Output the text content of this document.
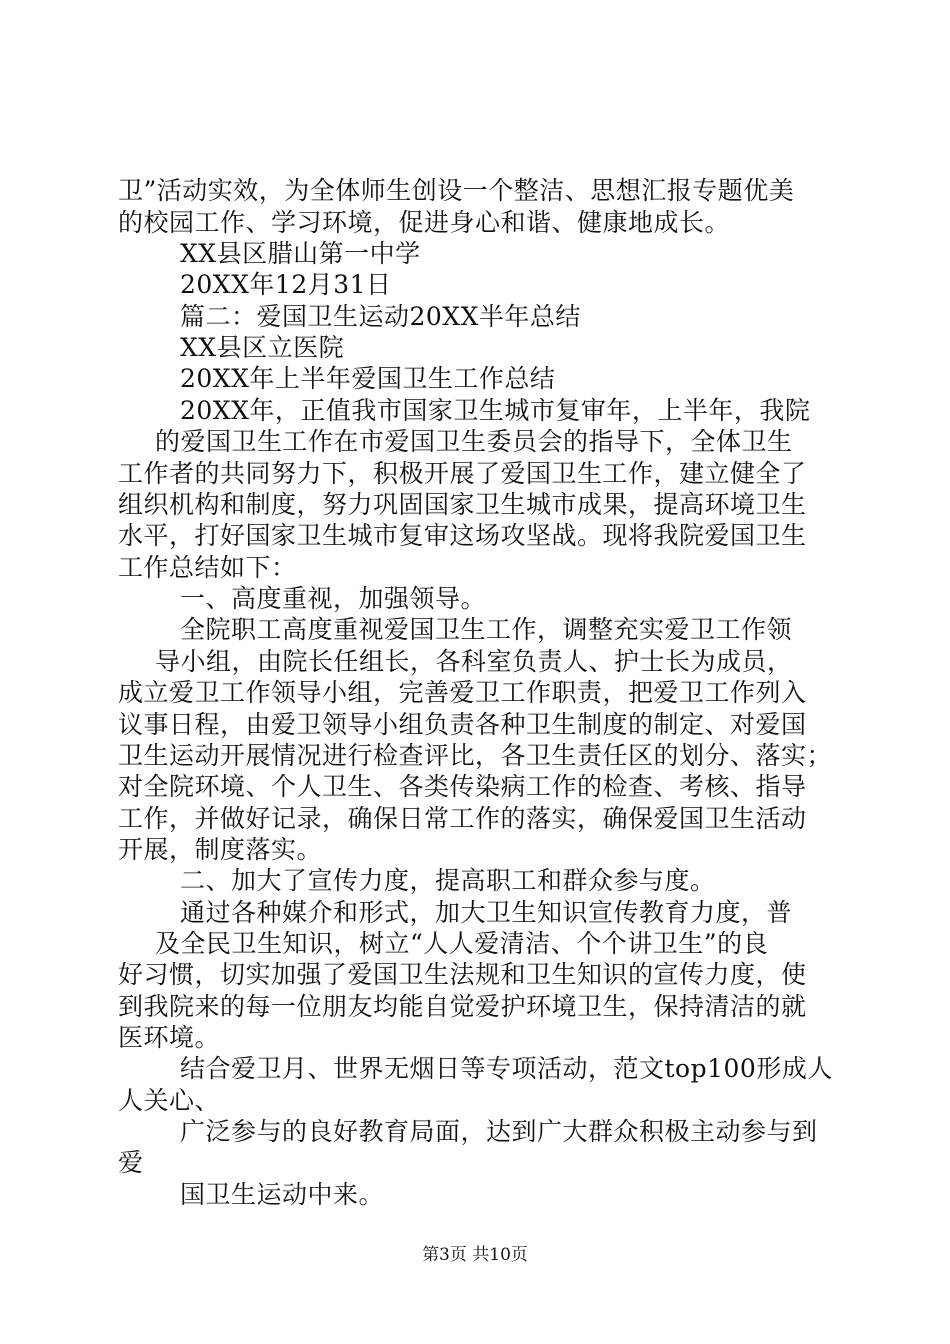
卫”活动实效，为全体师生创设一个整洁、思想汇报专题优美
的校园工作、学习环境，促进身心和谐、健康地成长。
XX县区腊山第一中学
20XX年12月31日
篇二：爱国卫生运动20XX半年总结
XX县区立医院
20XX年上半年爱国卫生工作总结
20XX年，正值我市国家卫生城市复审年，上半年，我院
的爱国卫生工作在市爱国卫生委员会的指导下，全体卫生
工作者的共同努力下，积极开展了爱国卫生工作，建立健全了
组织机构和制度，努力巩固国家卫生城市成果，提高环境卫生
水平，打好国家卫生城市复审这场攻坚战。现将我院爱国卫生
工作总结如下：
一、高度重视，加强领导。
全院职工高度重视爱国卫生工作，调整充实爱卫工作领
导小组，由院长任组长，各科室负责人、护士长为成员，
成立爱卫工作领导小组，完善爱卫工作职责，把爱卫工作列入
议事日程，由爱卫领导小组负责各种卫生制度的制定、对爱国
卫生运动开展情况进行检查评比，各卫生责任区的划分、落实；
对全院环境、个人卫生、各类传染病工作的检查、考核、指导
工作，并做好记录，确保日常工作的落实，确保爱国卫生活动
开展，制度落实。
二、加大了宣传力度，提高职工和群众参与度。
通过各种媒介和形式，加大卫生知识宣传教育力度，普
及全民卫生知识，树立“人人爱清洁、个个讲卫生”的良
好习惯，切实加强了爱国卫生法规和卫生知识的宣传力度，使
到我院来的每一位朋友均能自觉爱护环境卫生，保持清洁的就
医环境。
结合爱卫月、世界无烟日等专项活动，范文top100形成人
人关心、
广泛参与的良好教育局面，达到广大群众积极主动参与到
爱
国卫生运动中来。
第3页 共10页
